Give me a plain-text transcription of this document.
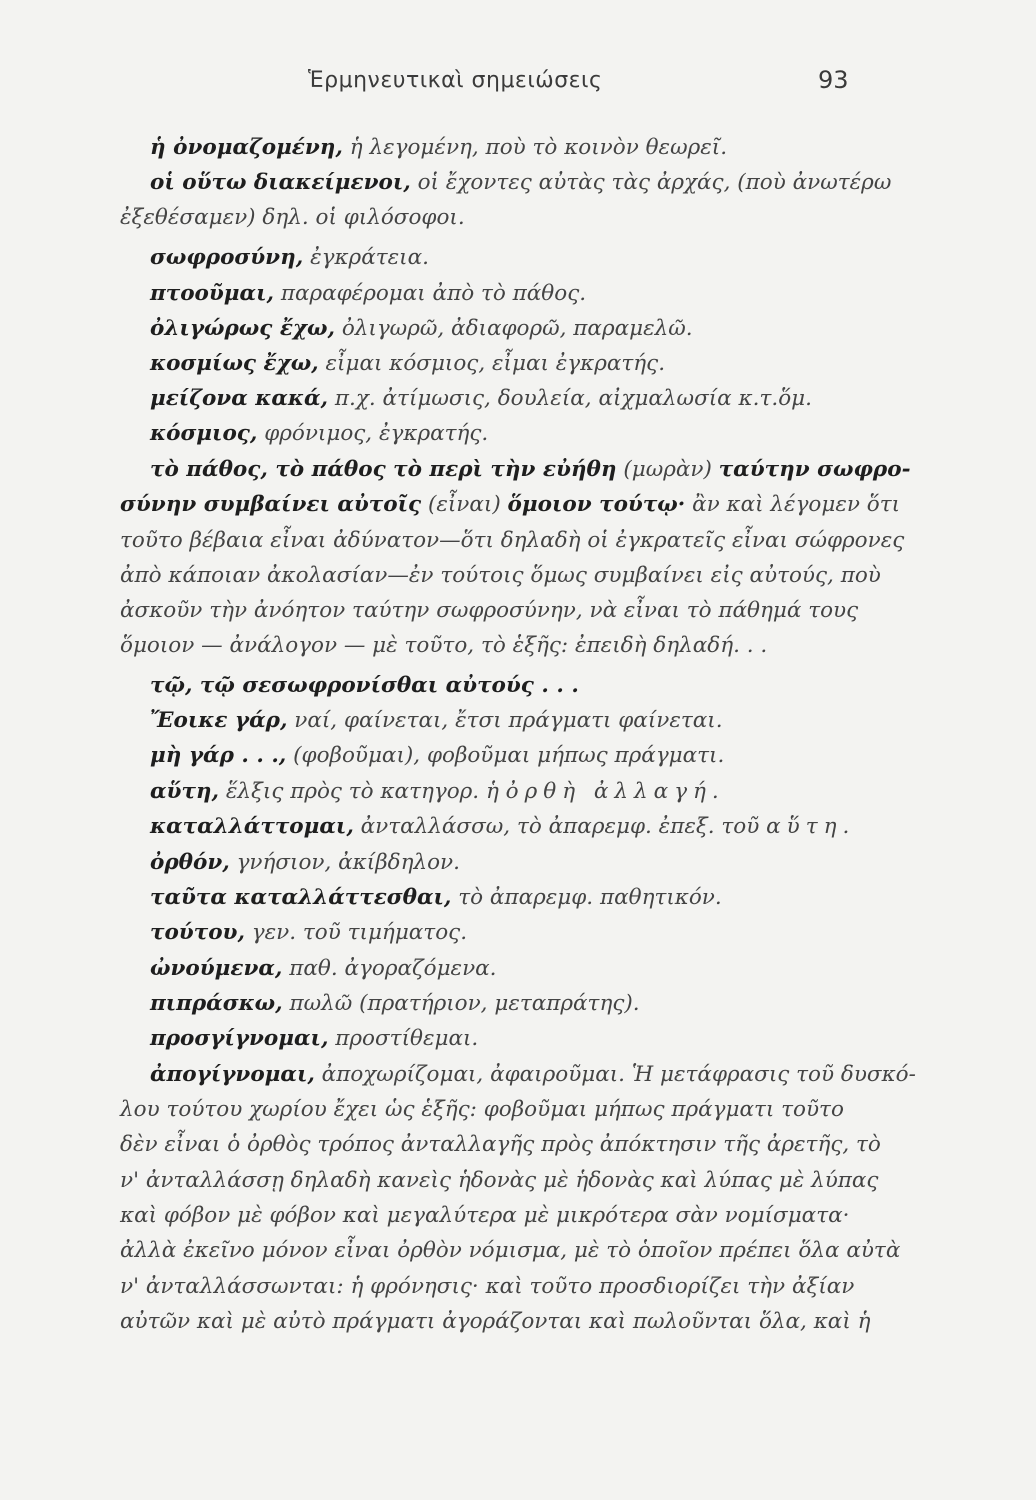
Ἑρμηνευτικαὶ σημειώσεις	93
ἡ ὀνομαζομένη, ἡ λεγομένη, ποὺ τὸ κοινὸν θεωρεῖ.
οἱ οὕτω διακείμενοι, οἱ ἔχοντες αὐτὰς τὰς ἀρχάς, (ποὺ ἀνωτέρω
ἐξεθέσαμεν) δηλ. οἱ φιλόσοφοι.
σωφροσύνη, ἐγκράτεια.
πτοοῦμαι, παραφέρομαι ἀπὸ τὸ πάθος.
ὀλιγώρως ἔχω, ὀλιγωρῶ, ἀδιαφορῶ, παραμελῶ.
κοσμίως ἔχω, εἶμαι κόσμιος, εἶμαι ἐγκρατής.
μείζονα κακά, π.χ. ἀτίμωσις, δουλεία, αἰχμαλωσία κ.τ.ὅμ.
κόσμιος, φρόνιμος, ἐγκρατής.
τὸ πάθος, τὸ πάθος τὸ περὶ τὴν εὐήθη (μωρὰν) ταύτην σωφρο-
σύνην συμβαίνει αὐτοῖς (εἶναι) ὅμοιον τούτῳ· ἂν καὶ λέγομεν ὅτι
τοῦτο βέβαια εἶναι ἀδύνατον—ὅτι δηλαδὴ οἱ ἐγκρατεῖς εἶναι σώφρονες
ἀπὸ κάποιαν ἀκολασίαν—ἐν τούτοις ὅμως συμβαίνει εἰς αὐτούς, ποὺ
ἀσκοῦν τὴν ἀνόητον ταύτην σωφροσύνην, νὰ εἶναι τὸ πάθημά τους
ὅμοιον — ἀνάλογον — μὲ τοῦτο, τὸ ἑξῆς: ἐπειδὴ δηλαδή. . .
τῷ, τῷ σεσωφρονίσθαι αὐτούς . . .
Ἔοικε γάρ, ναί, φαίνεται, ἔτσι πράγματι φαίνεται.
μὴ γάρ . . ., (φοβοῦμαι), φοβοῦμαι μήπως πράγματι.
αὕτη, ἕλξις πρὸς τὸ κατηγορ. ἡ ὀρθὴ ἀλλαγή.
καταλλάττομαι, ἀνταλλάσσω, τὸ ἀπαρεμφ. ἐπεξ. τοῦ αὕτη.
ὀρθόν, γνήσιον, ἀκίβδηλον.
ταῦτα καταλλάττεσθαι, τὸ ἀπαρεμφ. παθητικόν.
τούτου, γεν. τοῦ τιμήματος.
ὠνούμενα, παθ. ἀγοραζόμενα.
πιπράσκω, πωλῶ (πρατήριον, μεταπράτης).
προσγίγνομαι, προστίθεμαι.
ἀπογίγνομαι, ἀποχωρίζομαι, ἀφαιροῦμαι. Ἡ μετάφρασις τοῦ δυσκό-
λου τούτου χωρίου ἔχει ὡς ἑξῆς: φοβοῦμαι μήπως πράγματι τοῦτο
δὲν εἶναι ὁ ὀρθὸς τρόπος ἀνταλλαγῆς πρὸς ἀπόκτησιν τῆς ἀρετῆς, τὸ
ν' ἀνταλλάσσῃ δηλαδὴ κανεὶς ἡδονὰς μὲ ἡδονὰς καὶ λύπας μὲ λύπας
καὶ φόβον μὲ φόβον καὶ μεγαλύτερα μὲ μικρότερα σὰν νομίσματα·
ἀλλὰ ἐκεῖνο μόνον εἶναι ὀρθὸν νόμισμα, μὲ τὸ ὁποῖον πρέπει ὅλα αὐτὰ
ν' ἀνταλλάσσωνται: ἡ φρόνησις· καὶ τοῦτο προσδιορίζει τὴν ἀξίαν
αὐτῶν καὶ μὲ αὐτὸ πράγματι ἀγοράζονται καὶ πωλοῦνται ὅλα, καὶ ἡ
